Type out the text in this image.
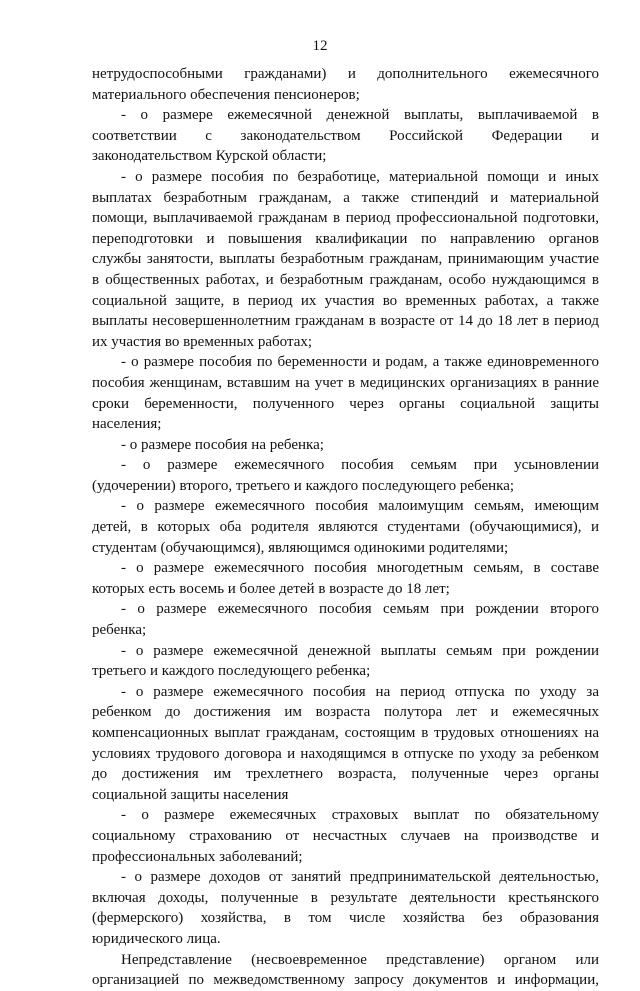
12
нетрудоспособными гражданами) и дополнительного ежемесячного
материального обеспечения пенсионеров;
- о размере ежемесячной денежной выплаты, выплачиваемой в
соответствии с законодательством Российской Федерации и
законодательством Курской области;
- о размере пособия по безработице, материальной помощи и иных
выплатах безработным гражданам, а также стипендий и материальной
помощи, выплачиваемой гражданам в период профессиональной подготовки,
переподготовки и повышения квалификации по направлению органов
службы занятости, выплаты безработным гражданам, принимающим участие
в общественных работах, и безработным гражданам, особо нуждающимся в
социальной защите, в период их участия во временных работах, а также
выплаты несовершеннолетним гражданам в возрасте от 14 до 18 лет в период
их участия во временных работах;
- о размере пособия по беременности и родам, а также единовременного
пособия женщинам, вставшим на учет в медицинских организациях в ранние
сроки беременности, полученного через органы социальной защиты
населения;
- о размере пособия на ребенка;
- о размере ежемесячного пособия семьям при усыновлении
(удочерении) второго, третьего и каждого последующего ребенка;
- о размере ежемесячного пособия малоимущим семьям, имеющим
детей, в которых оба родителя являются студентами (обучающимися), и
студентам (обучающимся), являющимся одинокими родителями;
- о размере ежемесячного пособия многодетным семьям, в составе
которых есть восемь и более детей в возрасте до 18 лет;
- о размере ежемесячного пособия семьям при рождении второго
ребенка;
- о размере ежемесячной денежной выплаты семьям при рождении
третьего и каждого последующего ребенка;
- о размере ежемесячного пособия на период отпуска по уходу за
ребенком до достижения им возраста полутора лет и ежемесячных
компенсационных выплат гражданам, состоящим в трудовых отношениях на
условиях трудового договора и находящимся в отпуске по уходу за ребенком
до достижения им трехлетнего возраста, полученные через органы
социальной защиты населения
- о размере ежемесячных страховых выплат по обязательному
социальному страхованию от несчастных случаев на производстве и
профессиональных заболеваний;
- о размере доходов от занятий предпринимательской деятельностью,
включая доходы, полученные в результате деятельности крестьянского
(фермерского) хозяйства, в том числе хозяйства без образования
юридического лица.
Непредставление (несвоевременное представление) органом или
организацией по межведомственному запросу документов и информации,
